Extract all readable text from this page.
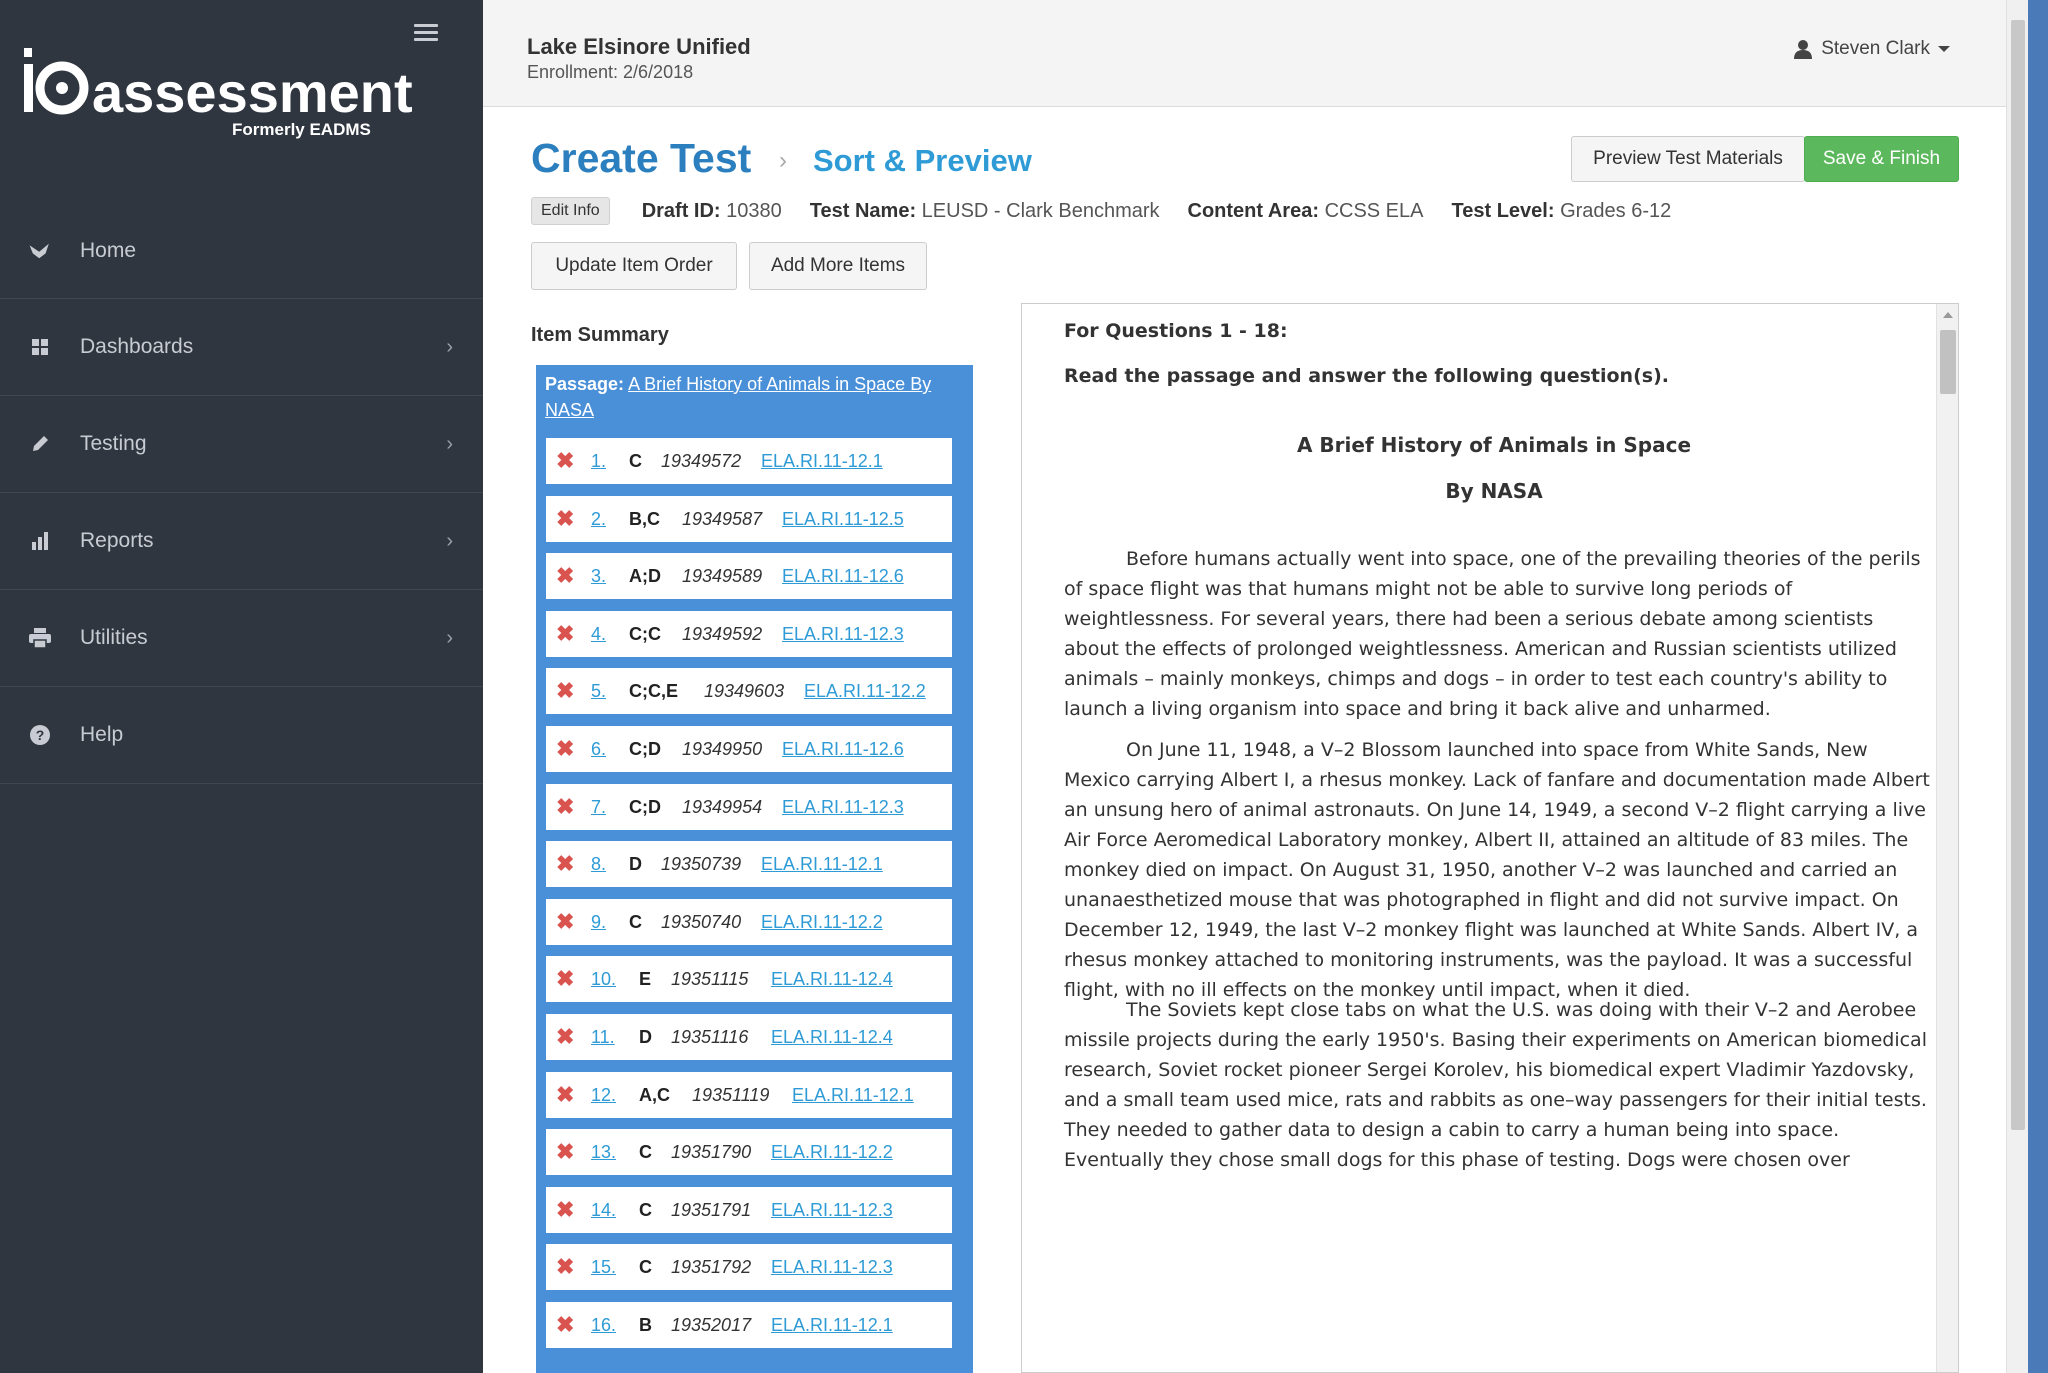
assessment
Formerly EADMS
Home
Dashboards	›
Testing	›
Reports	›
Utilities	›
? Help
Lake Elsinore Unified
Enrollment: 2/6/2018
Steven Clark
Create Test › Sort & Preview	Preview Test Materials	Save & Finish
Edit Info	Draft ID: 10380 Test Name: LEUSD - Clark Benchmark Content Area: CCSS ELA Test Level: Grades 6-12
Update Item Order	Add More Items
Item Summary
Passage: A Brief History of Animals in Space By NASA
✖ 1. C 19349572 ELA.RI.11-12.1
✖ 2. B,C 19349587 ELA.RI.11-12.5
✖ 3. A;D 19349589 ELA.RI.11-12.6
✖ 4. C;C 19349592 ELA.RI.11-12.3
✖ 5. C;C,E 19349603 ELA.RI.11-12.2
✖ 6. C;D 19349950 ELA.RI.11-12.6
✖ 7. C;D 19349954 ELA.RI.11-12.3
✖ 8. D 19350739 ELA.RI.11-12.1
✖ 9. C 19350740 ELA.RI.11-12.2
✖ 10. E 19351115 ELA.RI.11-12.4
✖ 11. D 19351116 ELA.RI.11-12.4
✖ 12. A,C 19351119 ELA.RI.11-12.1
✖ 13. C 19351790 ELA.RI.11-12.2
✖ 14. C 19351791 ELA.RI.11-12.3
✖ 15. C 19351792 ELA.RI.11-12.3
✖ 16. B 19352017 ELA.RI.11-12.1
For Questions 1 - 18:
Read the passage and answer the following question(s).
A Brief History of Animals in Space
By NASA
Before humans actually went into space, one of the prevailing theories of the perils of space flight was that humans might not be able to survive long periods of weightlessness. For several years, there had been a serious debate among scientists about the effects of prolonged weightlessness. American and Russian scientists utilized animals – mainly monkeys, chimps and dogs – in order to test each country's ability to launch a living organism into space and bring it back alive and unharmed.
On June 11, 1948, a V–2 Blossom launched into space from White Sands, New Mexico carrying Albert I, a rhesus monkey. Lack of fanfare and documentation made Albert an unsung hero of animal astronauts. On June 14, 1949, a second V–2 flight carrying a live Air Force Aeromedical Laboratory monkey, Albert II, attained an altitude of 83 miles. The monkey died on impact. On August 31, 1950, another V–2 was launched and carried an unanaesthetized mouse that was photographed in flight and did not survive impact. On December 12, 1949, the last V–2 monkey flight was launched at White Sands. Albert IV, a rhesus monkey attached to monitoring instruments, was the payload. It was a successful flight, with no ill effects on the monkey until impact, when it died.
The Soviets kept close tabs on what the U.S. was doing with their V–2 and Aerobee missile projects during the early 1950's. Basing their experiments on American biomedical research, Soviet rocket pioneer Sergei Korolev, his biomedical expert Vladimir Yazdovsky, and a small team used mice, rats and rabbits as one–way passengers for their initial tests. They needed to gather data to design a cabin to carry a human being into space. Eventually they chose small dogs for this phase of testing. Dogs were chosen over
